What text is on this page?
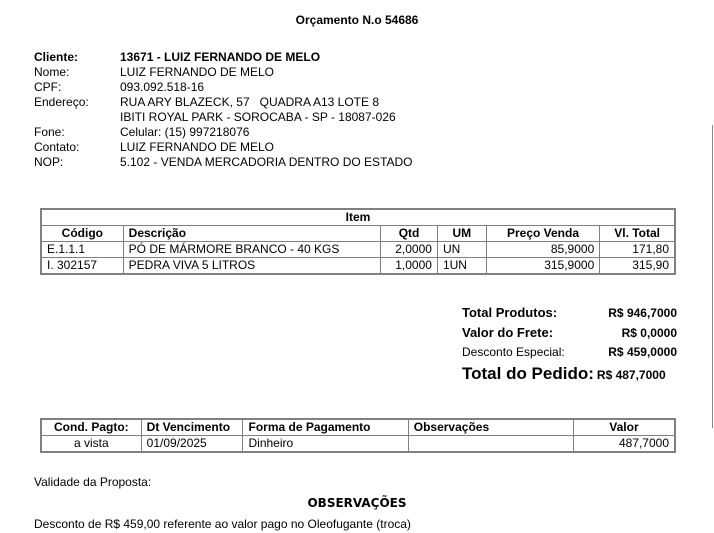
Orçamento N.o 54686
Cliente:	13671 - LUIZ FERNANDO DE MELO
Nome:	LUIZ FERNANDO DE MELO
CPF:	093.092.518-16
Endereço:	RUA ARY BLAZECK, 57   QUADRA A13 LOTE 8
IBITI ROYAL PARK - SOROCABA - SP - 18087-026
Fone:	Celular: (15) 997218076
Contato:	LUIZ FERNANDO DE MELO
NOP:	5.102 - VENDA MERCADORIA DENTRO DO ESTADO
Item					
Código	Descrição	Qtd	UM	Preço Venda	Vl. Total
E.1.1.1	PÓ DE MÁRMORE BRANCO - 40 KGS	2,0000	UN	85,9000	171,80
I. 302157	PEDRA VIVA 5 LITROS	1,0000	1UN	315,9000	315,90
Total Produtos:	R$ 946,7000
Valor do Frete:	R$ 0,0000
Desconto Especial:	R$ 459,0000
Total do Pedido: R$ 487,7000
Cond. Pagto:	Dt Vencimento	Forma de Pagamento	Observações	Valor
a vista	01/09/2025	Dinheiro		487,7000
Validade da Proposta:
OBSERVAÇÕES
Desconto de R$ 459,00 referente ao valor pago no Oleofugante (troca)
